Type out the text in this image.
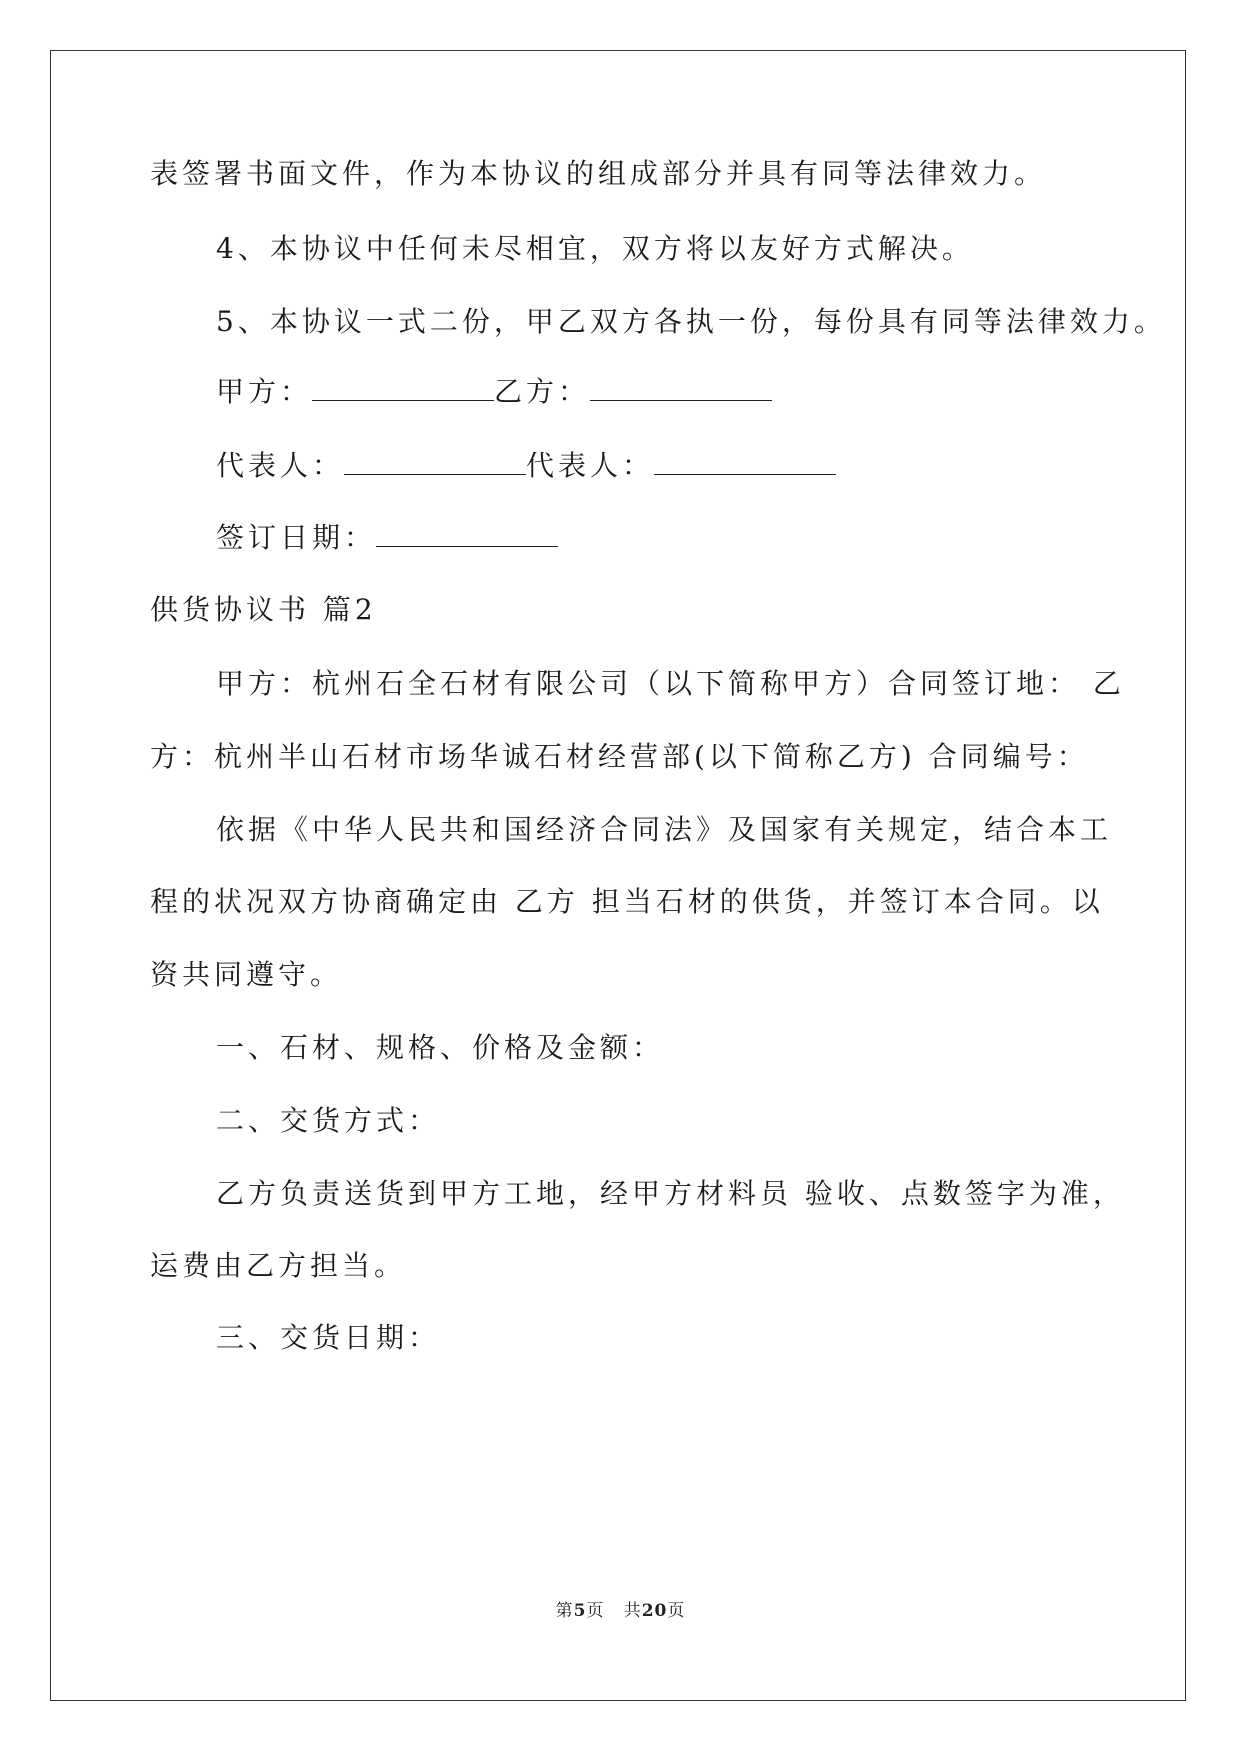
表签署书面文件，作为本协议的组成部分并具有同等法律效力。
4、本协议中任何未尽相宜，双方将以友好方式解决。
5、本协议一式二份，甲乙双方各执一份，每份具有同等法律效力。
甲方：	乙方：
代表人：	代表人：
签订日期：
供货协议书 篇2
甲方：杭州石全石材有限公司（以下简称甲方）合同签订地： 乙
方：杭州半山石材市场华诚石材经营部(以下简称乙方) 合同编号：
依据《中华人民共和国经济合同法》及国家有关规定，结合本工
程的状况双方协商确定由 乙方 担当石材的供货，并签订本合同。以
资共同遵守。
一、石材、规格、价格及金额：
二、交货方式：
乙方负责送货到甲方工地，经甲方材料员 验收、点数签字为准，
运费由乙方担当。
三、交货日期：
第5页 共20页
